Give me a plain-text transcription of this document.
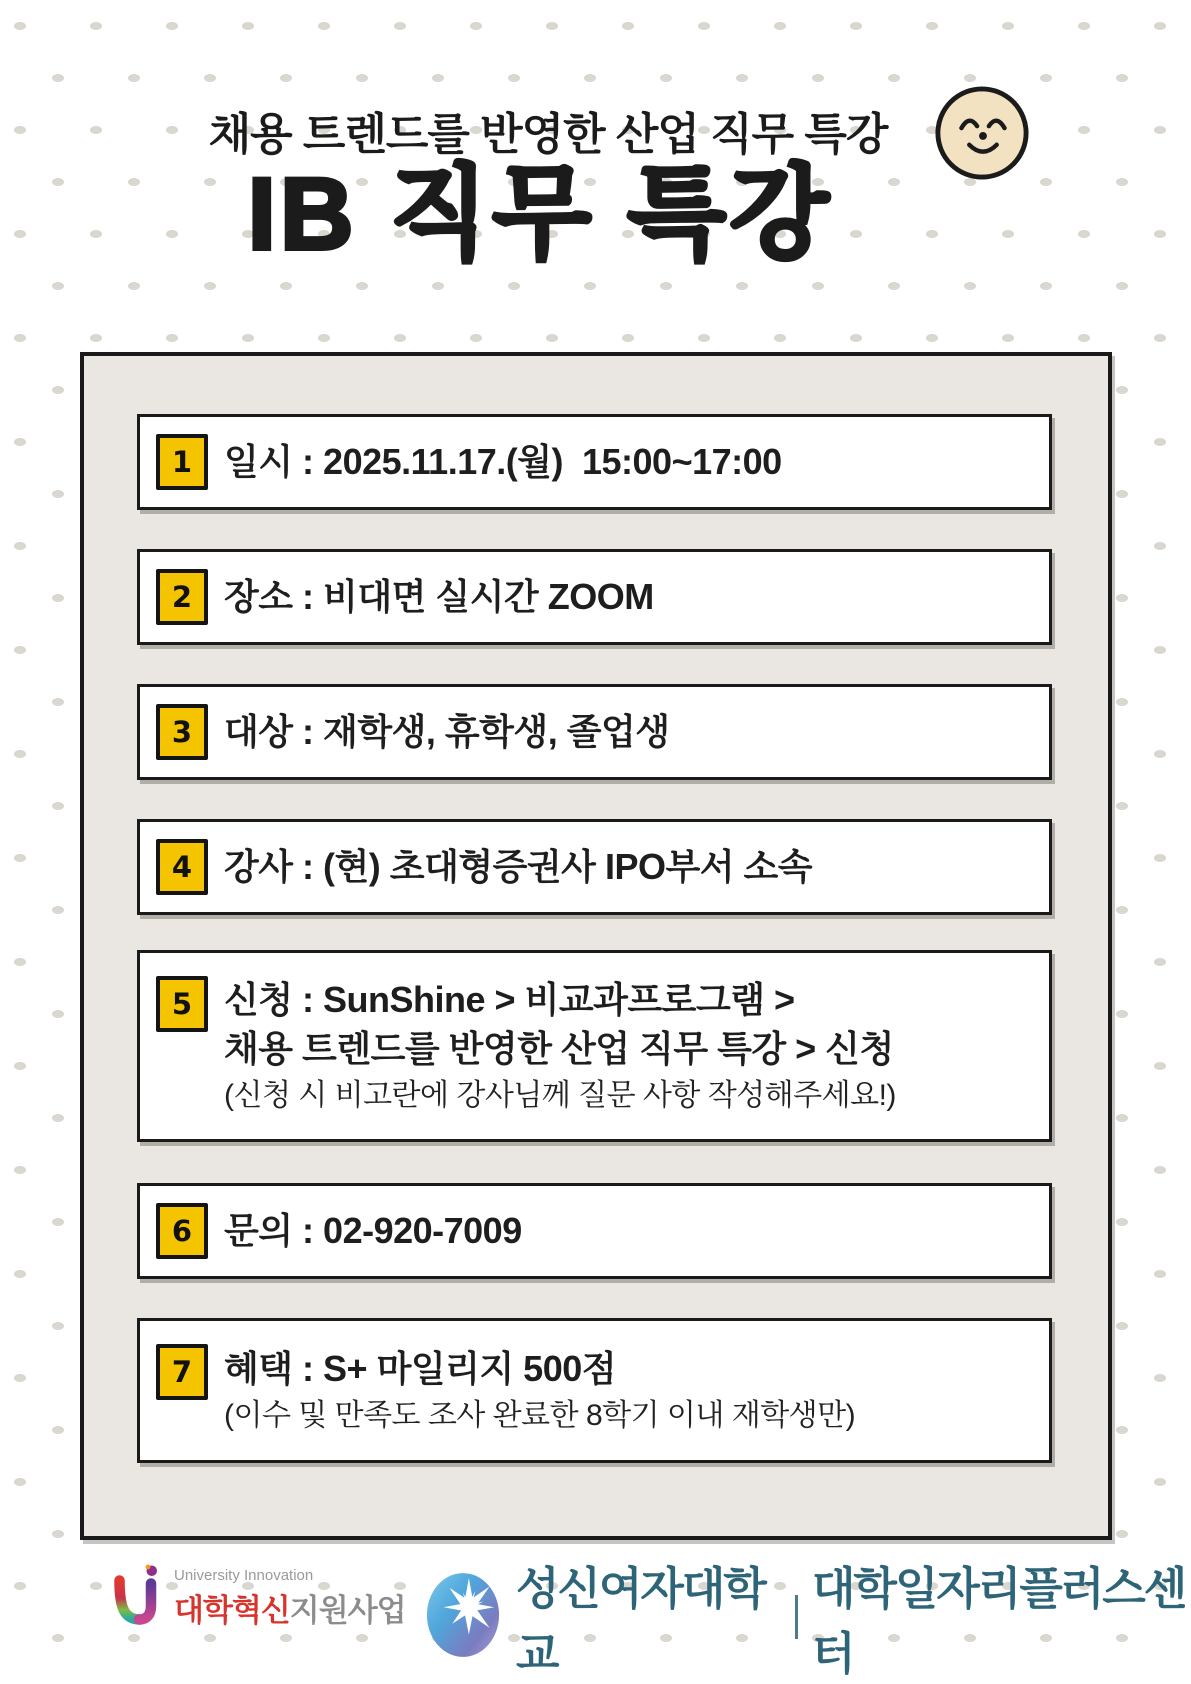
채용 트렌드를 반영한 산업 직무 특강
IB 직무 특강
1 일시 : 2025.11.17.(월)  15:00~17:00
2 장소 : 비대면 실시간 ZOOM
3 대상 : 재학생, 휴학생, 졸업생
4 강사 : (현) 초대형증권사 IPO부서 소속
5 신청 : SunShine > 비교과프로그램 >
채용 트렌드를 반영한 산업 직무 특강 > 신청
(신청 시 비고란에 강사님께 질문 사항 작성해주세요!)
6 문의 : 02-920-7009
7 혜택 : S+ 마일리지 500점
(이수 및 만족도 조사 완료한 8학기 이내 재학생만)
University Innovation
대학혁신지원사업 성신여자대학교
대학일자리플러스센터
